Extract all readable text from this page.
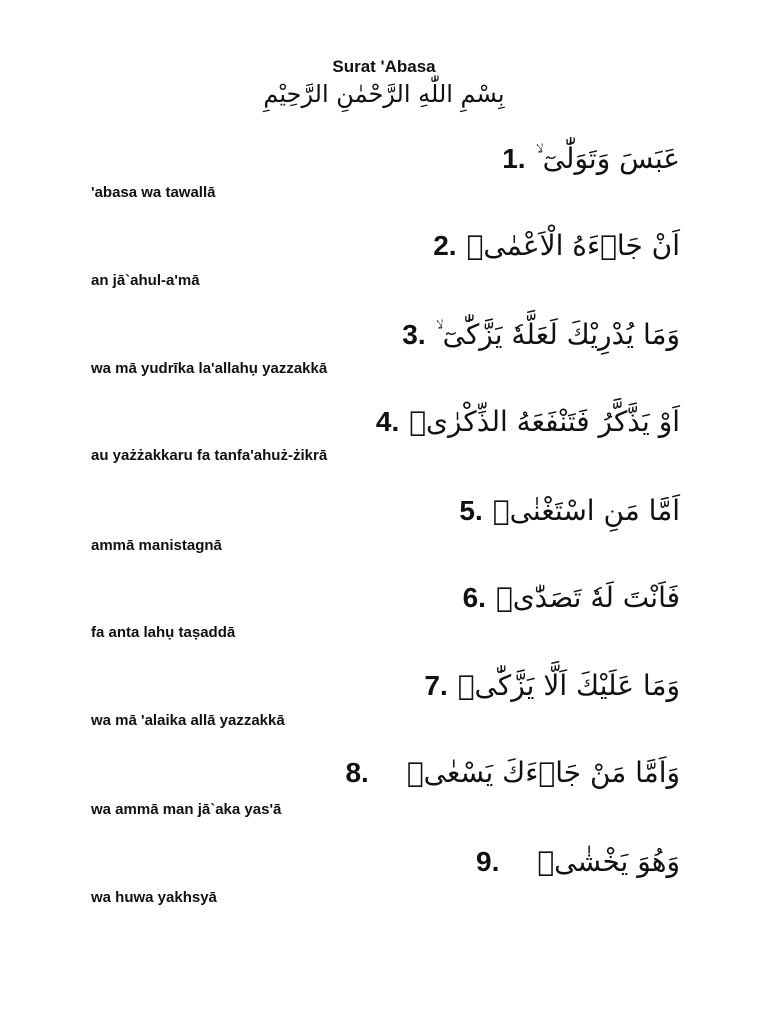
Surat 'Abasa
بِسْمِ اللّٰهِ الرَّحْمٰنِ الرَّحِيْمِ
1. عَبَسَ وَتَوَلّٰىٓ ۙ
'abasa wa tawallā
2. اَنْ جَاۤءَهُ الْاَعْمٰىۗ
an jā`ahul-a'mā
3. وَمَا يُدْرِيْكَ لَعَلَّهٗ يَزَّكّٰىٓ ۙ
wa mā yudrīka la'allahụ yazzakkā
4. اَوْ يَذَّكَّرُ فَتَنْفَعَهُ الذِّكْرٰىۗ
au yażżakkaru fa tanfa'ahuż-żikrā
5. اَمَّا مَنِ اسْتَغْنٰىۙ
ammā manistagnā
6. فَاَنْتَ لَهٗ تَصَدّٰىۗ
fa anta lahụ taṣaddā
7. وَمَا عَلَيْكَ اَلَّا يَزَّكّٰىۗ
wa mā 'alaika allā yazzakkā
8. وَاَمَّا مَنْ جَاۤءَكَ يَسْعٰىۙ
wa ammā man jā`aka yas'ā
9. وَهُوَ يَخْشٰىۙ
wa huwa yakhsyā
